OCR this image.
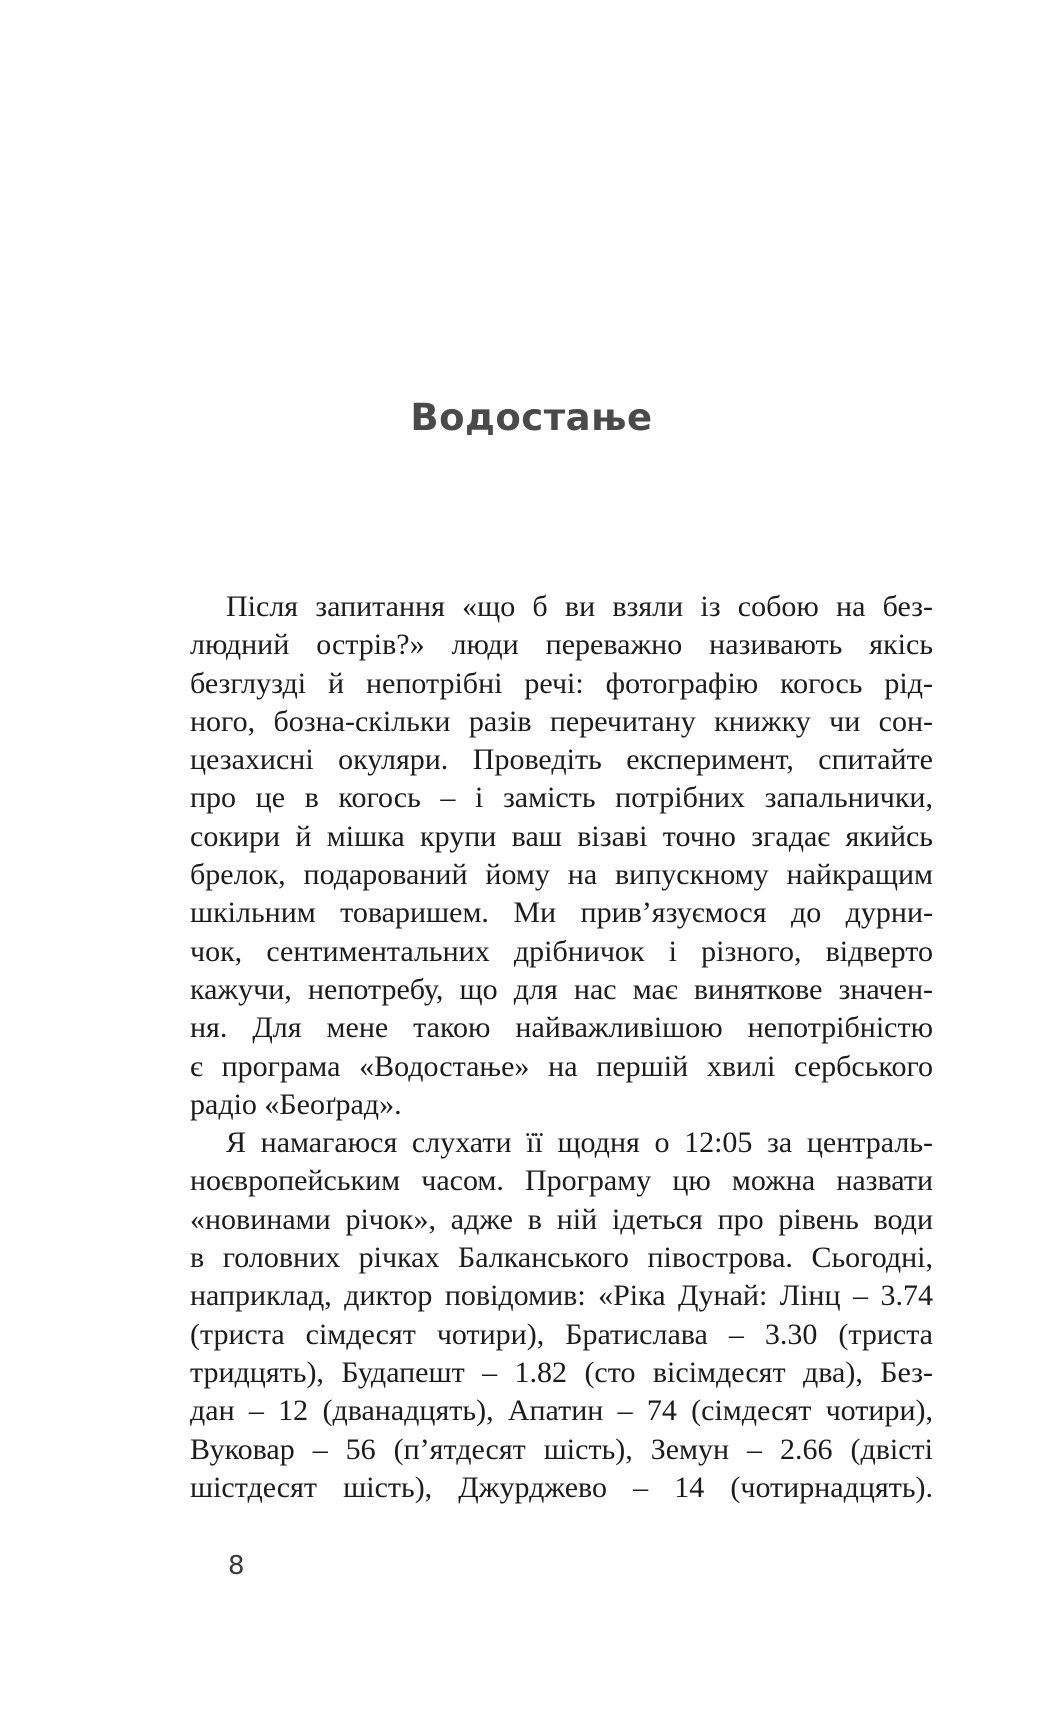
Водостање
Після запитання «що б ви взяли із собою на без-
людний острів?» люди переважно називають якісь
безглузді й непотрібні речі: фотографію когось рід-
ного, бозна-скільки разів перечитану книжку чи сон-
цезахисні окуляри. Проведіть експеримент, спитайте
про це в когось – і замість потрібних запальнички,
сокири й мішка крупи ваш візаві точно згадає якийсь
брелок, подарований йому на випускному найкращим
шкільним товаришем. Ми прив’язуємося до дурни-
чок, сентиментальних дрібничок і різного, відверто
кажучи, непотребу, що для нас має виняткове значен-
ня. Для мене такою найважливішою непотрібністю
є програма «Водостање» на першій хвилі сербського
радіо «Беоґрад».
Я намагаюся слухати її щодня о 12:05 за централь-
ноєвропейським часом. Програму цю можна назвати
«новинами річок», адже в ній ідеться про рівень води
в головних річках Балканського півострова. Сьогодні,
наприклад, диктор повідомив: «Ріка Дунай: Лінц – 3.74
(триста сімдесят чотири), Братислава – 3.30 (триста
тридцять), Будапешт – 1.82 (сто вісімдесят два), Без-
дан – 12 (дванадцять), Апатин – 74 (сімдесят чотири),
Вуковар – 56 (п’ятдесят шість), Земун – 2.66 (двісті
шістдесят шість), Джурджево – 14 (чотирнадцять).
8
